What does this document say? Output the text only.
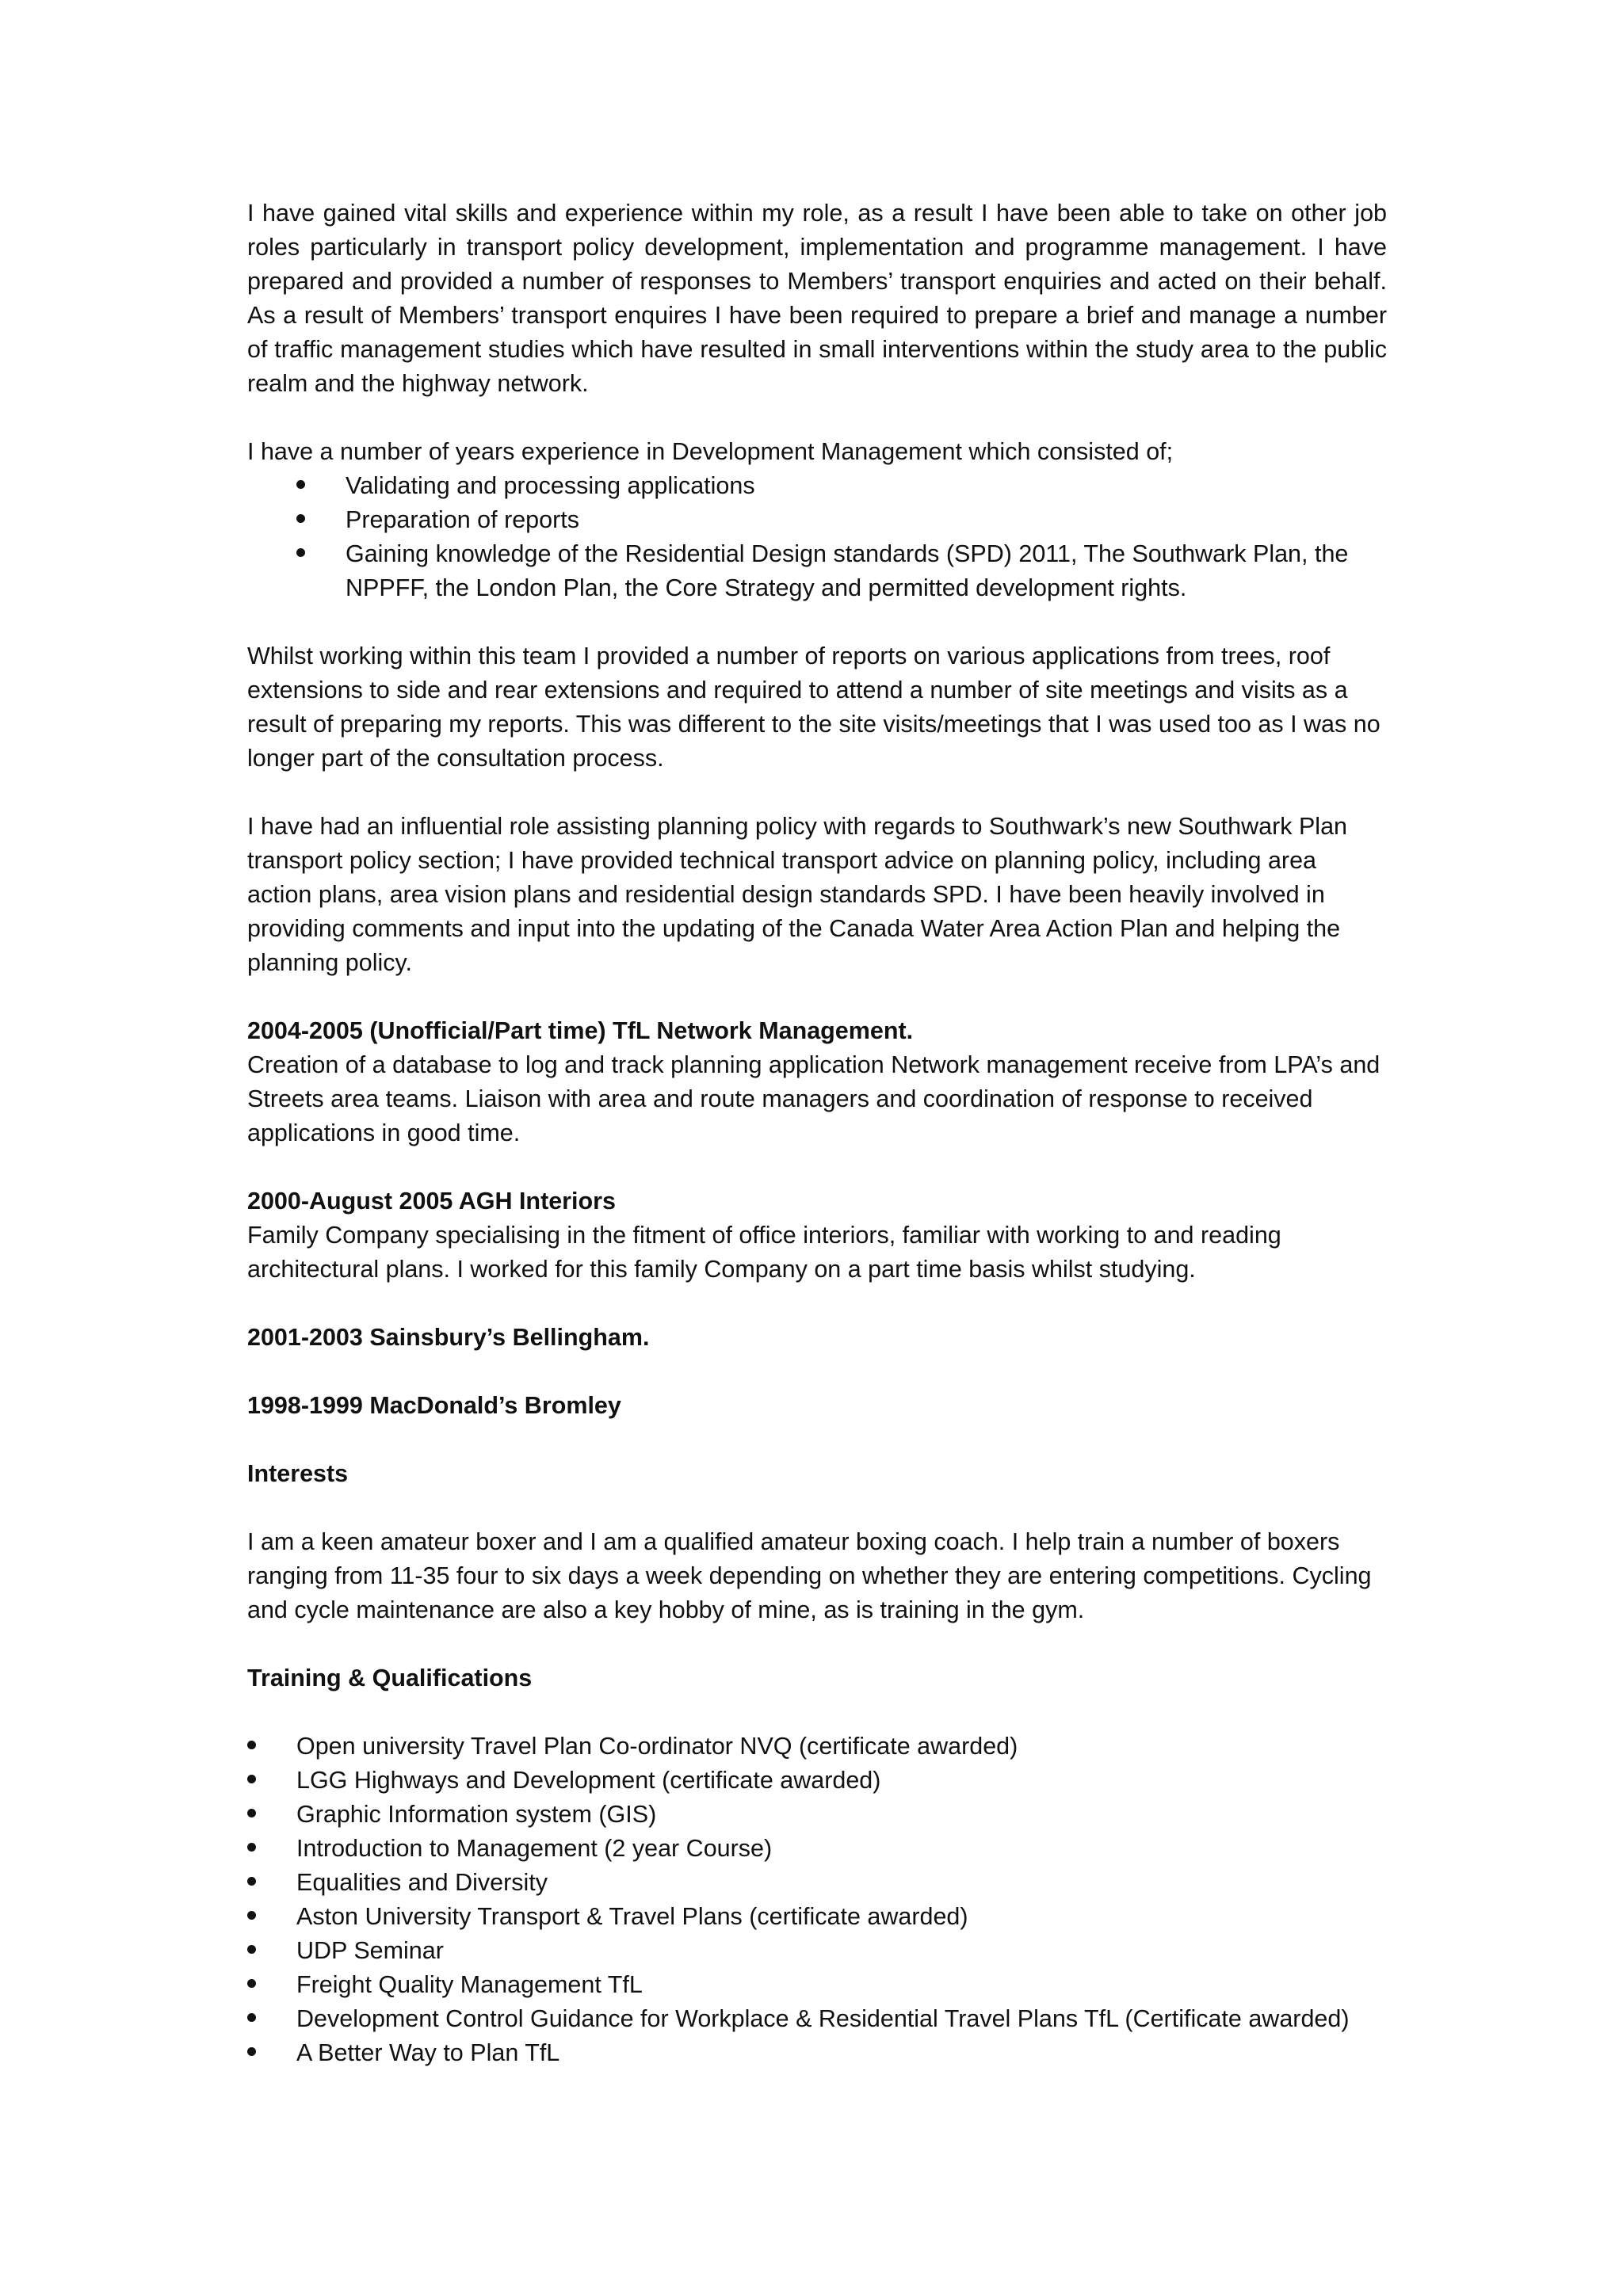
I have gained vital skills and experience within my role, as a result I have been able to take on other job roles particularly in transport policy development, implementation and programme management. I have prepared and provided a number of responses to Members’ transport enquiries and acted on their behalf. As a result of Members’ transport enquires I have been required to prepare a brief and manage a number of traffic management studies which have resulted in small interventions within the study area to the public realm and the highway network.

I have a number of years experience in Development Management which consisted of;

Validating and processing applications
Preparation of reports
Gaining knowledge of the Residential Design standards (SPD) 2011, The Southwark Plan, the NPPFF, the London Plan, the Core Strategy and permitted development rights.

Whilst working within this team I provided a number of reports on various applications from trees, roof extensions to side and rear extensions and required to attend a number of site meetings and visits as a result of preparing my reports. This was different to the site visits/meetings that I was used too as I was no longer part of the consultation process.

I have had an influential role assisting planning policy with regards to Southwark’s new Southwark Plan transport policy section; I have provided technical transport advice on planning policy, including area action plans, area vision plans and residential design standards SPD. I have been heavily involved in providing comments and input into the updating of the Canada Water Area Action Plan and helping the planning policy.

2004-2005 (Unofficial/Part time) TfL Network Management.

Creation of a database to log and track planning application Network management receive from LPA’s and Streets area teams. Liaison with area and route managers and coordination of response to received applications in good time.

2000-August 2005 AGH Interiors

Family Company specialising in the fitment of office interiors, familiar with working to and reading architectural plans. I worked for this family Company on a part time basis whilst studying.

2001-2003 Sainsbury’s Bellingham.

1998-1999 MacDonald’s Bromley

Interests

I am a keen amateur boxer and I am a qualified amateur boxing coach. I help train a number of boxers ranging from 11-35 four to six days a week depending on whether they are entering competitions. Cycling and cycle maintenance are also a key hobby of mine, as is training in the gym.

Training & Qualifications

Open university Travel Plan Co-ordinator NVQ (certificate awarded)
LGG Highways and Development (certificate awarded)
Graphic Information system (GIS)
Introduction to Management (2 year Course)
Equalities and Diversity
Aston University Transport & Travel Plans (certificate awarded)
UDP Seminar
Freight Quality Management TfL
Development Control Guidance for Workplace & Residential Travel Plans TfL (Certificate awarded)
A Better Way to Plan TfL
